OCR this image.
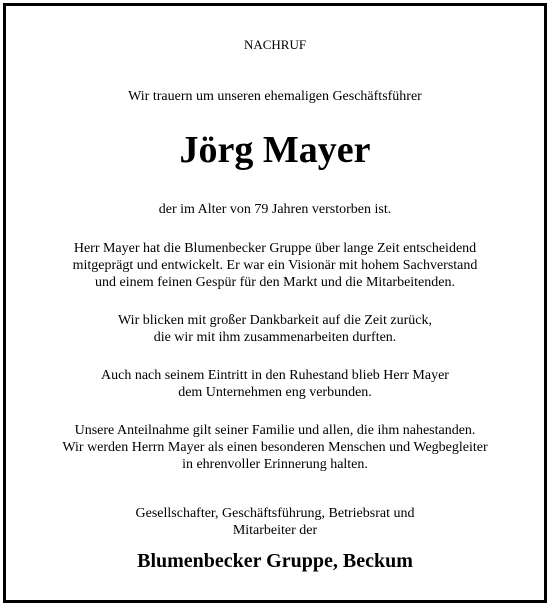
NACHRUF

Wir trauern um unseren ehemaligen Geschäftsführer

Jörg Mayer

der im Alter von 79 Jahren verstorben ist.

Herr Mayer hat die Blumenbecker Gruppe über lange Zeit entscheidend

mitgeprägt und entwickelt. Er war ein Visionär mit hohem Sachverstand

und einem feinen Gespür für den Markt und die Mitarbeitenden.

Wir blicken mit großer Dankbarkeit auf die Zeit zurück,

die wir mit ihm zusammenarbeiten durften.

Auch nach seinem Eintritt in den Ruhestand blieb Herr Mayer

dem Unternehmen eng verbunden.

Unsere Anteilnahme gilt seiner Familie und allen, die ihm nahestanden.

Wir werden Herrn Mayer als einen besonderen Menschen und Wegbegleiter

in ehrenvoller Erinnerung halten.

Gesellschafter, Geschäftsführung, Betriebsrat und

Mitarbeiter der

Blumenbecker Gruppe, Beckum
